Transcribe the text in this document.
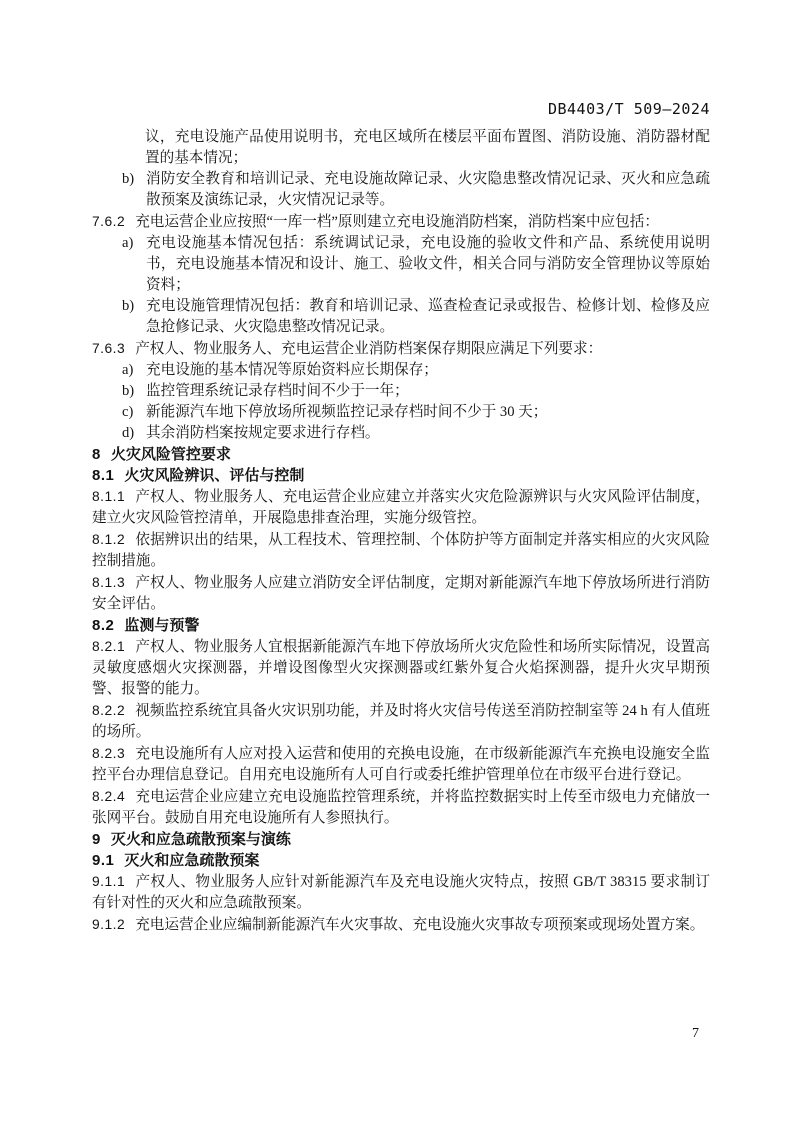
DB4403/T 509—2024

议，充电设施产品使用说明书，充电区域所在楼层平面布置图、消防设施、消防器材配置的基本情况；

b) 消防安全教育和培训记录、充电设施故障记录、火灾隐患整改情况记录、灭火和应急疏散预案及演练记录，火灾情况记录等。

7.6.2 充电运营企业应按照“一库一档”原则建立充电设施消防档案，消防档案中应包括：

a) 充电设施基本情况包括：系统调试记录，充电设施的验收文件和产品、系统使用说明书，充电设施基本情况和设计、施工、验收文件，相关合同与消防安全管理协议等原始资料；
b) 充电设施管理情况包括：教育和培训记录、巡查检查记录或报告、检修计划、检修及应急抢修记录、火灾隐患整改情况记录。

7.6.3 产权人、物业服务人、充电运营企业消防档案保存期限应满足下列要求：

a) 充电设施的基本情况等原始资料应长期保存；
b) 监控管理系统记录存档时间不少于一年；
c) 新能源汽车地下停放场所视频监控记录存档时间不少于 30 天；
d) 其余消防档案按规定要求进行存档。

8 火灾风险管控要求

8.1 火灾风险辨识、评估与控制

8.1.1 产权人、物业服务人、充电运营企业应建立并落实火灾危险源辨识与火灾风险评估制度，建立火灾风险管控清单，开展隐患排查治理，实施分级管控。

8.1.2 依据辨识出的结果，从工程技术、管理控制、个体防护等方面制定并落实相应的火灾风险控制措施。

8.1.3 产权人、物业服务人应建立消防安全评估制度，定期对新能源汽车地下停放场所进行消防安全评估。

8.2 监测与预警

8.2.1 产权人、物业服务人宜根据新能源汽车地下停放场所火灾危险性和场所实际情况，设置高灵敏度感烟火灾探测器，并增设图像型火灾探测器或红紫外复合火焰探测器，提升火灾早期预警、报警的能力。

8.2.2 视频监控系统宜具备火灾识别功能，并及时将火灾信号传送至消防控制室等 24 h 有人值班的场所。

8.2.3 充电设施所有人应对投入运营和使用的充换电设施，在市级新能源汽车充换电设施安全监控平台办理信息登记。自用充电设施所有人可自行或委托维护管理单位在市级平台进行登记。

8.2.4 充电运营企业应建立充电设施监控管理系统，并将监控数据实时上传至市级电力充储放一张网平台。鼓励自用充电设施所有人参照执行。

9 灭火和应急疏散预案与演练

9.1 灭火和应急疏散预案

9.1.1 产权人、物业服务人应针对新能源汽车及充电设施火灾特点，按照 GB/T 38315 要求制订有针对性的灭火和应急疏散预案。

9.1.2 充电运营企业应编制新能源汽车火灾事故、充电设施火灾事故专项预案或现场处置方案。

7
